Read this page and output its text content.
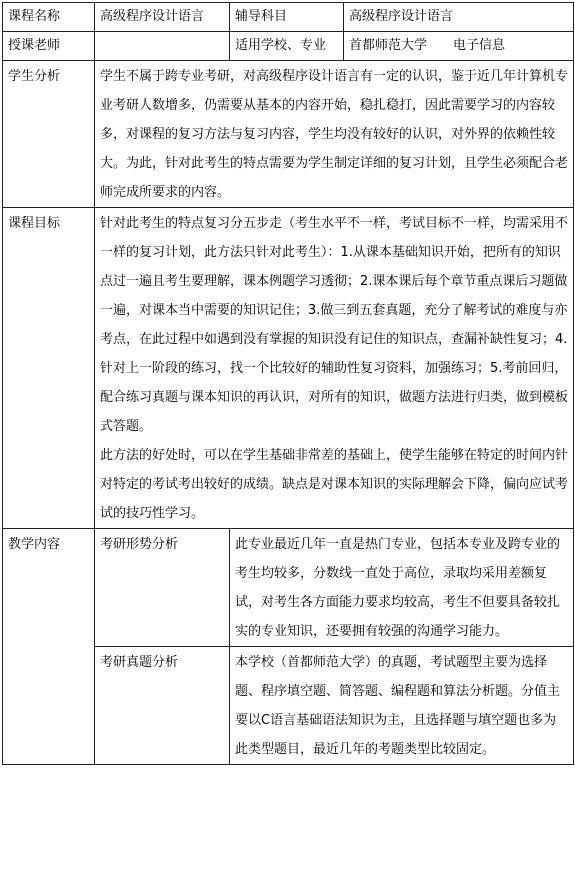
课程名称	高级程序设计语言	辅导科目	高级程序设计语言
授课老师		适用学校、专业	首都师范大学 电子信息
学生分析	学生不属于跨专业考研，对高级程序设计语言有一定的认识，鉴于近几年计算机专业考研人数增多，仍需要从基本的内容开始，稳扎稳打，因此需要学习的内容较多，对课程的复习方法与复习内容，学生均没有较好的认识，对外界的依赖性较大。为此，针对此考生的特点需要为学生制定详细的复习计划，且学生必须配合老师完成所要求的内容。		
课程目标	针对此考生的特点复习分五步走（考生水平不一样，考试目标不一样，均需采用不一样的复习计划，此方法只针对此考生）：1.从课本基础知识开始，把所有的知识点过一遍且考生要理解，课本例题学习透彻；2.课本课后每个章节重点课后习题做一遍，对课本当中需要的知识记住；3.做三到五套真题，充分了解考试的难度与亦考点，在此过程中如遇到没有掌握的知识没有记住的知识点，查漏补缺性复习；4.针对上一阶段的练习，找一个比较好的辅助性复习资料，加强练习；5.考前回归，配合练习真题与课本知识的再认识，对所有的知识，做题方法进行归类，做到模板式答题。

此方法的好处时，可以在学生基础非常差的基础上，使学生能够在特定的时间内针对特定的考试考出较好的成绩。缺点是对课本知识的实际理解会下降，偏向应试考试的技巧性学习。		

教学内容	考研形势分析	此专业最近几年一直是热门专业，包括本专业及跨专业的考生均较多，分数线一直处于高位，录取均采用差额复试，对考生各方面能力要求均较高，考生不但要具备较扎实的专业知识，还要拥有较强的沟通学习能力。	
	考研真题分析	本学校（首都师范大学）的真题，考试题型主要为选择题、程序填空题、简答题、编程题和算法分析题。分值主要以C语言基础语法知识为主，且选择题与填空题也多为此类型题目，最近几年的考题类型比较固定。	
